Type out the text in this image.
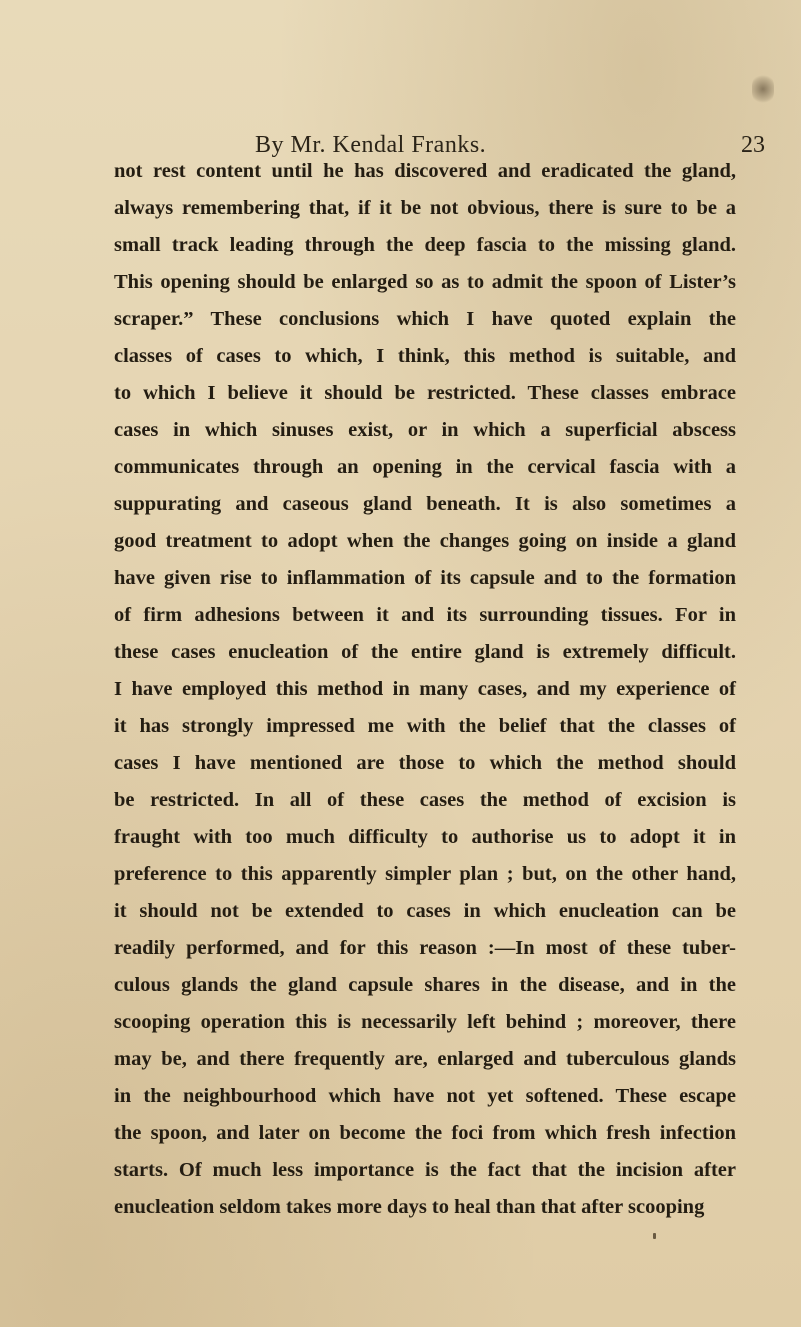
By Mr. Kendal Franks.	23
not rest content until he has discovered and eradicated the gland,
always remembering that, if it be not obvious, there is sure to be a
small track leading through the deep fascia to the missing gland.
This opening should be enlarged so as to admit the spoon of Lister’s
scraper.” These conclusions which I have quoted explain the
classes of cases to which, I think, this method is suitable, and
to which I believe it should be restricted. These classes embrace
cases in which sinuses exist, or in which a superficial abscess
communicates through an opening in the cervical fascia with a
suppurating and caseous gland beneath. It is also sometimes a
good treatment to adopt when the changes going on inside a gland
have given rise to inflammation of its capsule and to the formation
of firm adhesions between it and its surrounding tissues. For in
these cases enucleation of the entire gland is extremely difficult.
I have employed this method in many cases, and my experience of
it has strongly impressed me with the belief that the classes of
cases I have mentioned are those to which the method should
be restricted. In all of these cases the method of excision is
fraught with too much difficulty to authorise us to adopt it in
preference to this apparently simpler plan ; but, on the other hand,
it should not be extended to cases in which enucleation can be
readily performed, and for this reason :—In most of these tuber-
culous glands the gland capsule shares in the disease, and in the
scooping operation this is necessarily left behind ; moreover, there
may be, and there frequently are, enlarged and tuberculous glands
in the neighbourhood which have not yet softened. These escape
the spoon, and later on become the foci from which fresh infection
starts. Of much less importance is the fact that the incision after
enucleation seldom takes more days to heal than that after scooping
